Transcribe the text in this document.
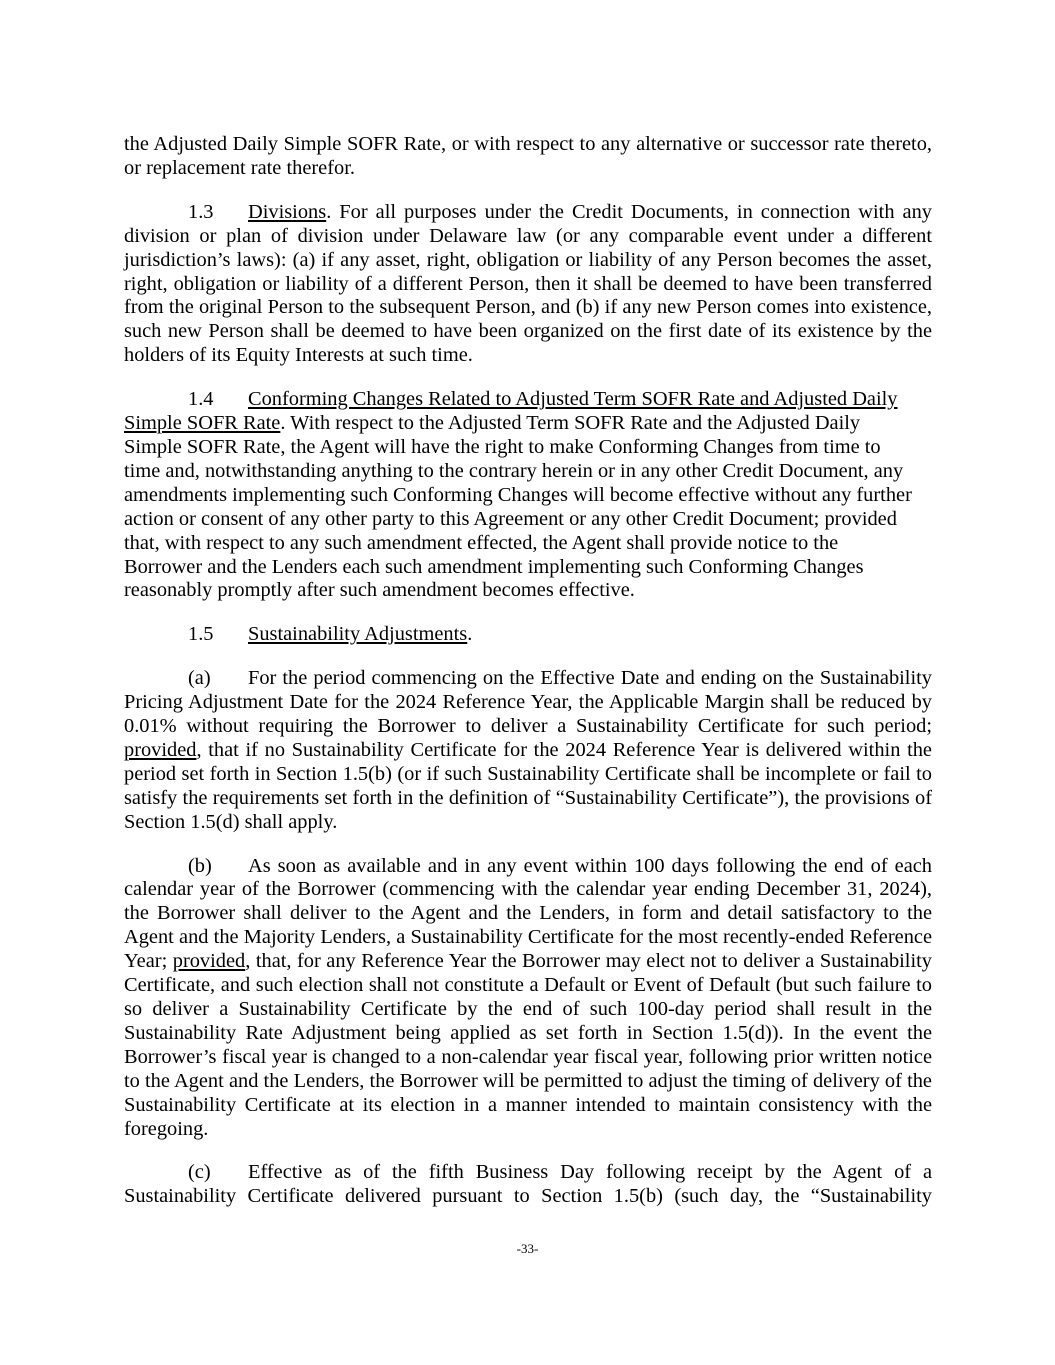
the Adjusted Daily Simple SOFR Rate, or with respect to any alternative or successor rate thereto, or replacement rate therefor.

1.3 Divisions. For all purposes under the Credit Documents, in connection with any division or plan of division under Delaware law (or any comparable event under a different jurisdiction’s laws): (a) if any asset, right, obligation or liability of any Person becomes the asset, right, obligation or liability of a different Person, then it shall be deemed to have been transferred from the original Person to the subsequent Person, and (b) if any new Person comes into existence, such new Person shall be deemed to have been organized on the first date of its existence by the holders of its Equity Interests at such time.

1.4 Conforming Changes Related to Adjusted Term SOFR Rate and Adjusted Daily
Simple SOFR Rate. With respect to the Adjusted Term SOFR Rate and the Adjusted Daily
Simple SOFR Rate, the Agent will have the right to make Conforming Changes from time to
time and, notwithstanding anything to the contrary herein or in any other Credit Document, any
amendments implementing such Conforming Changes will become effective without any further
action or consent of any other party to this Agreement or any other Credit Document; provided
that, with respect to any such amendment effected, the Agent shall provide notice to the
Borrower and the Lenders each such amendment implementing such Conforming Changes
reasonably promptly after such amendment becomes effective.

1.5 Sustainability Adjustments.

(a) For the period commencing on the Effective Date and ending on the Sustainability Pricing Adjustment Date for the 2024 Reference Year, the Applicable Margin shall be reduced by 0.01% without requiring the Borrower to deliver a Sustainability Certificate for such period; provided, that if no Sustainability Certificate for the 2024 Reference Year is delivered within the period set forth in Section 1.5(b) (or if such Sustainability Certificate shall be incomplete or fail to satisfy the requirements set forth in the definition of “Sustainability Certificate”), the provisions of Section 1.5(d) shall apply.

(b) As soon as available and in any event within 100 days following the end of each calendar year of the Borrower (commencing with the calendar year ending December 31, 2024), the Borrower shall deliver to the Agent and the Lenders, in form and detail satisfactory to the Agent and the Majority Lenders, a Sustainability Certificate for the most recently-ended Reference Year; provided, that, for any Reference Year the Borrower may elect not to deliver a Sustainability Certificate, and such election shall not constitute a Default or Event of Default (but such failure to so deliver a Sustainability Certificate by the end of such 100-day period shall result in the Sustainability Rate Adjustment being applied as set forth in Section 1.5(d)). In the event the Borrower’s fiscal year is changed to a non-calendar year fiscal year, following prior written notice to the Agent and the Lenders, the Borrower will be permitted to adjust the timing of delivery of the Sustainability Certificate at its election in a manner intended to maintain consistency with the foregoing.

(c) Effective as of the fifth Business Day following receipt by the Agent of a Sustainability Certificate delivered pursuant to Section 1.5(b) (such day, the “Sustainability

-33-
